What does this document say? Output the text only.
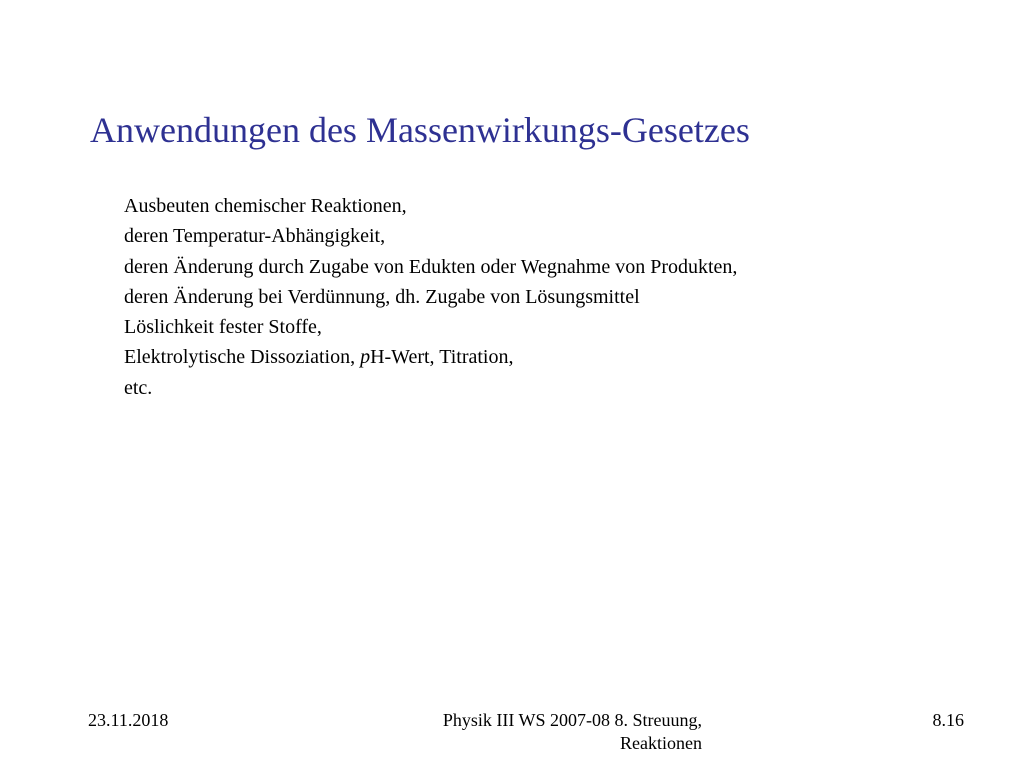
Anwendungen des Massenwirkungs-Gesetzes
Ausbeuten chemischer Reaktionen,
deren Temperatur-Abhängigkeit,
deren Änderung durch Zugabe von Edukten oder Wegnahme von Produkten,
deren Änderung bei Verdünnung, dh. Zugabe von Lösungsmittel
Löslichkeit fester Stoffe,
Elektrolytische Dissoziation, pH-Wert, Titration,
etc.
23.11.2018	Physik III WS 2007-08 8. Streuung,
Reaktionen
8.16
